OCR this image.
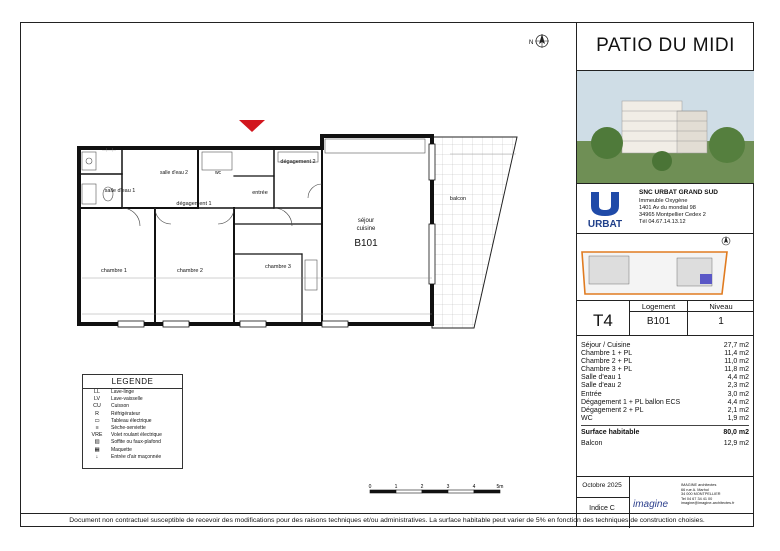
N
séjour
cuisine
B101
balcon
entrée
dégagement 1
dégagement 2
salle d'eau 1
salle d'eau 2	wc
chambre 1	chambre 2
chambre 3
LEGENDE
LL	Lave-linge
LV	Lave-vaisselle
CU	Cuisson
R	Réfrigérateur
▭	Tableau électrique
≡	Sèche-serviette
VRE	Volet roulant électrique
▨	Soffite ou faux-plafond
▦	Maquette
↓	Entrée d'air maçonnée
0	1	2	3	4	5m
PATIO DU MIDI
URBAT
SNC URBAT GRAND SUD
Immeuble Oxygène
1401 Av du mondial 98
34965 Montpellier Cedex 2
Tél 04.67.14.13.12
T4
Logement	Niveau
B101	1
Séjour / Cuisine	27,7 m2
Chambre 1 + PL	11,4 m2
Chambre 2 + PL	11,0 m2
Chambre 3 + PL	11,8 m2
Salle d'eau 1	4,4 m2
Salle d'eau 2	2,3 m2
Entrée	3,0 m2
Dégagement 1 + PL ballon ECS	4,4 m2
Dégagement 2 + PL	2,1 m2
WC	1,9 m2
Surface habitable	80,0 m2
Balcon	12,9 m2
Octobre 2025
Indice C	imagine
IMAGINE architectes
66 rue A. Marhol
34 000 MONTPELLIER
Tel 04 67 34 41 00
imagine@imagine-architectes.fr
Document non contractuel susceptible de recevoir des modifications pour des raisons techniques et/ou administratives. La surface habitable peut varier de 5% en fonction des techniques de construction choisies.
